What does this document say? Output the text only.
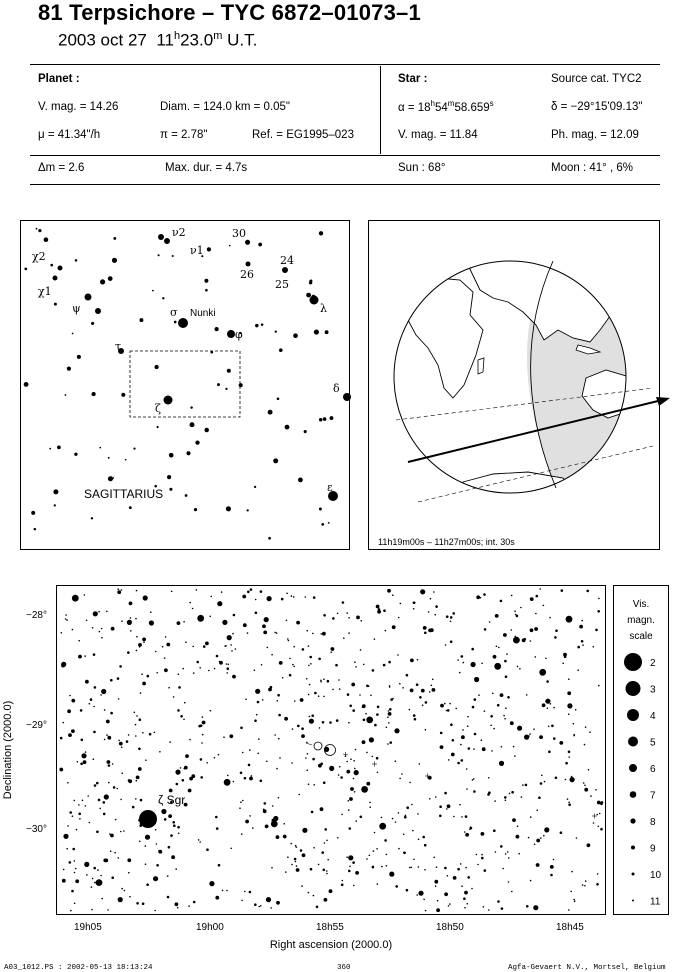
81 Terpsichore – TYC 6872–01073–1
2003 oct 27 11$^h$23.0$^m$ U.T.
Planet :
V. mag. = 14.26	Diam. = 124.0 km = 0.05"
μ = 41.34"/h	π = 2.78"	Ref. = EG1995–023
Star :	Source cat. TYC2
$\alpha = 18^h54^m58.659^s$	δ = −29°15'09.13"
V. mag. = 11.84	Ph. mag. = 12.09
Δm = 2.6	Max. dur. = 4.7s	Sun : 68°	Moon : 41° , 6%
χ2
χ1
ψ
ν2
ν1
30
24
26
25
σ Nunki	λ
φ
τ
ζ
δ
ε
SAGITTARIUS
11h19m00s – 11h27m00s; int. 30s
ζ Sgr
−28°
−29°
−30°
19h05	19h00	18h55	18h50	18h45
Right ascension (2000.0)
Declination (2000.0)
Vis.
magn.
scale
2
3
4
5
6
7
8
9
10
11
A03_1012.PS : 2002-05-13 18:13:24	360	Agfa-Gevaert N.V., Mortsel, Belgium
